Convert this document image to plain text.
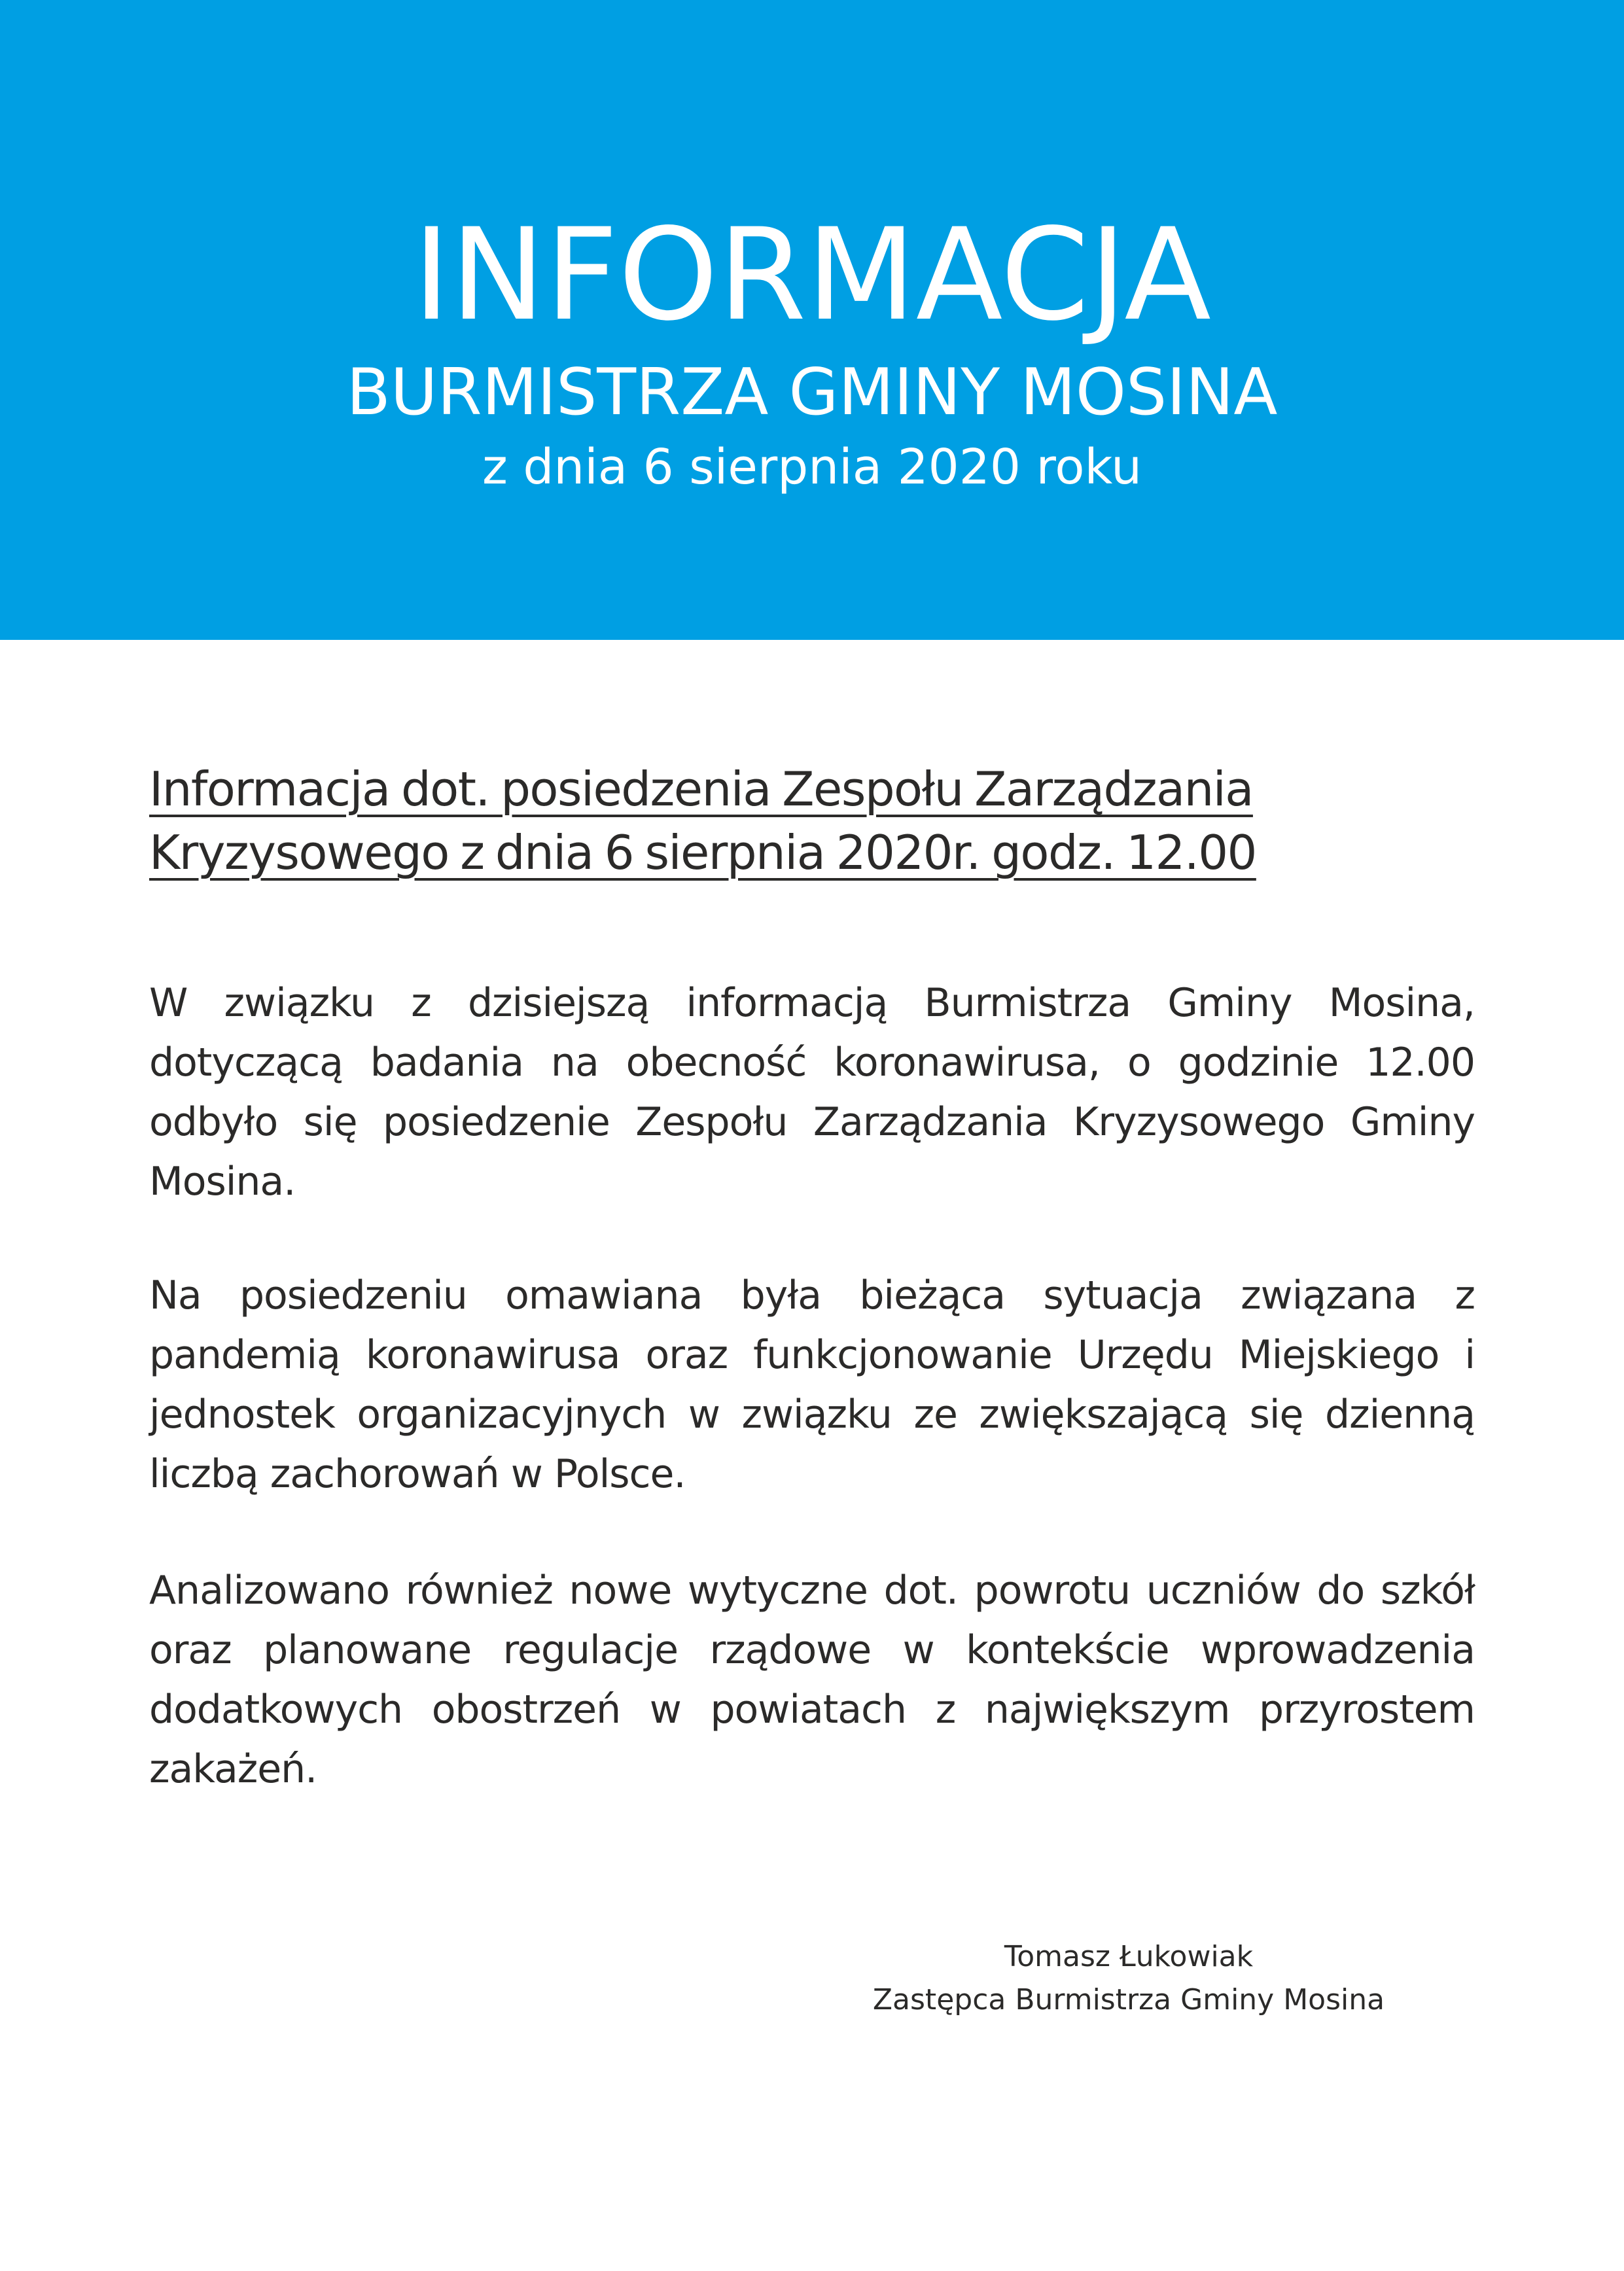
INFORMACJA
BURMISTRZA GMINY MOSINA
z dnia 6 sierpnia 2020 roku
Informacja dot. posiedzenia Zespołu Zarządzania
Kryzysowego z dnia 6 sierpnia 2020r. godz. 12.00
W związku z dzisiejszą informacją Burmistrza Gminy Mosina, dotyczącą badania na obecność koronawirusa, o godzinie 12.00 odbyło się posiedzenie Zespołu Zarządzania Kryzysowego Gminy Mosina.
Na posiedzeniu omawiana była bieżąca sytuacja związana z pandemią koronawirusa oraz funkcjonowanie Urzędu Miejskiego i jednostek organizacyjnych w związku ze zwiększającą się dzienną liczbą zachorowań w Polsce.
Analizowano również nowe wytyczne dot. powrotu uczniów do szkół oraz planowane regulacje rządowe w kontekście wprowadzenia dodatkowych obostrzeń w powiatach z największym przyrostem zakażeń.
Tomasz Łukowiak
Zastępca Burmistrza Gminy Mosina
